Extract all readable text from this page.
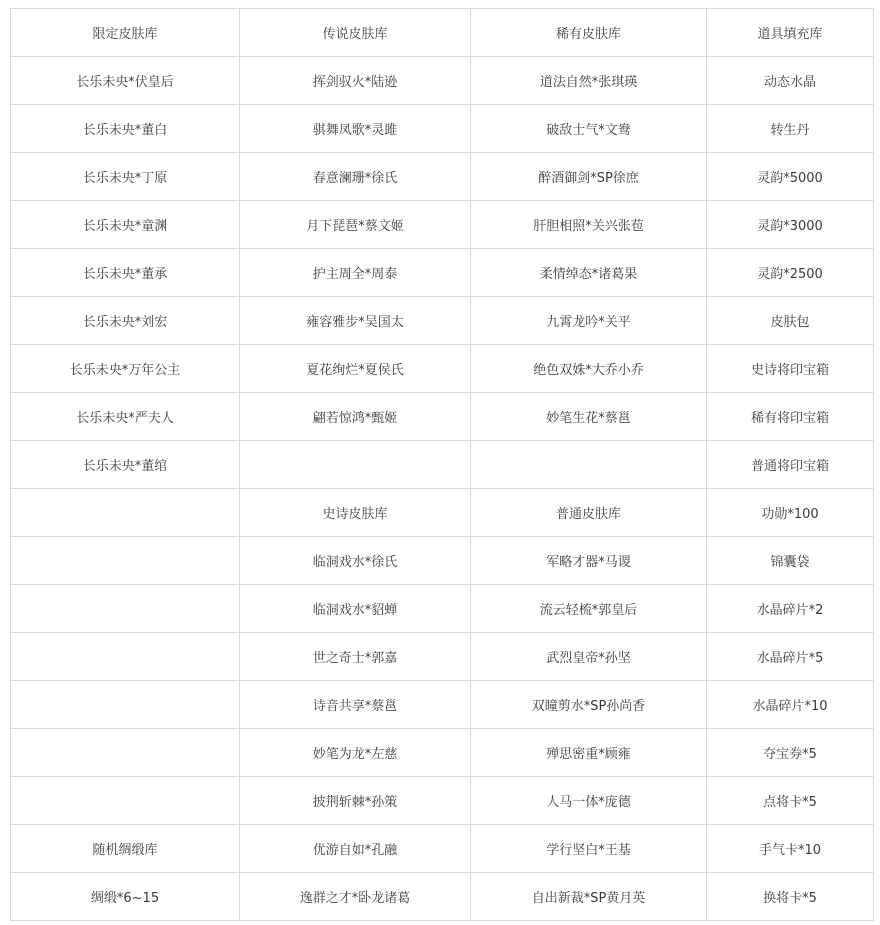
限定皮肤库	传说皮肤库	稀有皮肤库	道具填充库
长乐未央*伏皇后	挥剑驭火*陆逊	道法自然*张琪瑛	动态水晶
长乐未央*董白	骐舞凤歌*灵雎	破敌士气*文鸯	转生丹
长乐未央*丁原	春意澜珊*徐氏	醉酒御剑*SP徐庶	灵韵*5000
长乐未央*童渊	月下琵琶*蔡文姬	肝胆相照*关兴张苞	灵韵*3000
长乐未央*董承	护主周全*周泰	柔情绰态*诸葛果	灵韵*2500
长乐未央*刘宏	雍容雅步*吴国太	九霄龙吟*关平	皮肤包
长乐未央*万年公主	夏花绚烂*夏侯氏	绝色双姝*大乔小乔	史诗将印宝箱
长乐未央*严夫人	翩若惊鸿*甄姬	妙笔生花*蔡邕	稀有将印宝箱
长乐未央*董绾			普通将印宝箱
	史诗皮肤库	普通皮肤库	功勋*100
	临洞戏水*徐氏	军略才器*马谡	锦囊袋
	临洞戏水*貂蝉	流云轻梳*郭皇后	水晶碎片*2
	世之奇士*郭嘉	武烈皇帝*孙坚	水晶碎片*5
	诗音共享*蔡邕	双瞳剪水*SP孙尚香	水晶碎片*10
	妙笔为龙*左慈	殚思密重*顾雍	夺宝券*5
	披荆斩棘*孙策	人马一体*庞德	点将卡*5
随机绸缎库	优游自如*孔融	学行坚白*王基	手气卡*10
绸缎*6~15	逸群之才*卧龙诸葛	自出新裁*SP黄月英	换将卡*5
